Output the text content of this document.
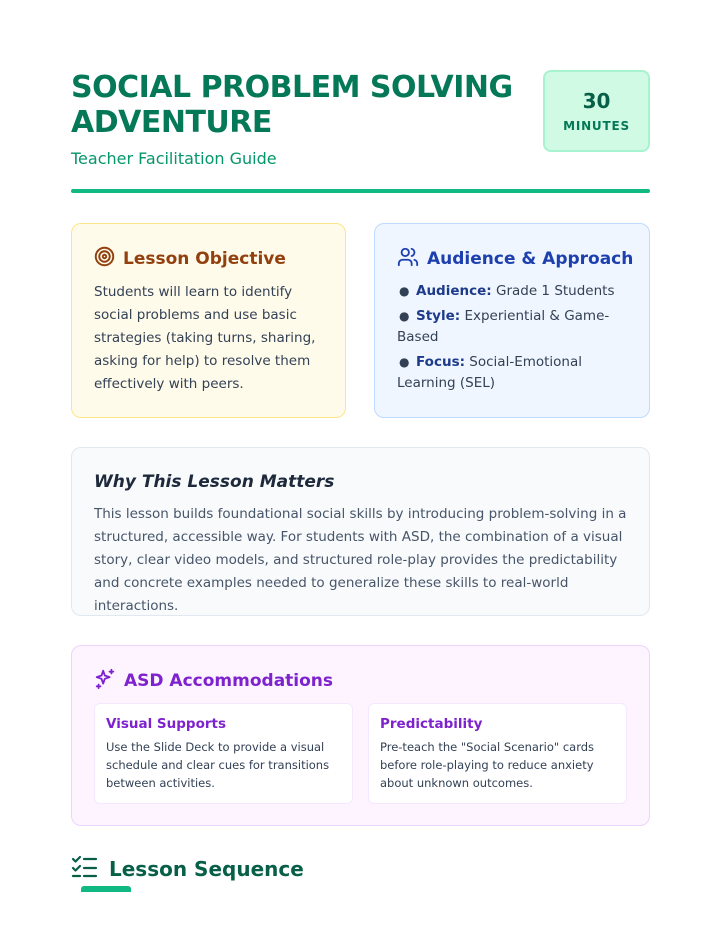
SOCIAL PROBLEM SOLVING ADVENTURE
Teacher Facilitation Guide
30
MINUTES
Lesson Objective

Students will learn to identify social problems and use basic strategies (taking turns, sharing, asking for help) to resolve them effectively with peers.

Audience & Approach
● Audience: Grade 1 Students
● Style: Experiential & Game-Based
● Focus: Social-Emotional Learning (SEL)
Why This Lesson Matters

This lesson builds foundational social skills by introducing problem-solving in a structured, accessible way. For students with ASD, the combination of a visual story, clear video models, and structured role-play provides the predictability and concrete examples needed to generalize these skills to real-world interactions.

ASD Accommodations
Visual Supports
Use the Slide Deck to provide a visual schedule and clear cues for transitions between activities.
Predictability
Pre-teach the "Social Scenario" cards before role-playing to reduce anxiety about unknown outcomes.
Lesson Sequence
